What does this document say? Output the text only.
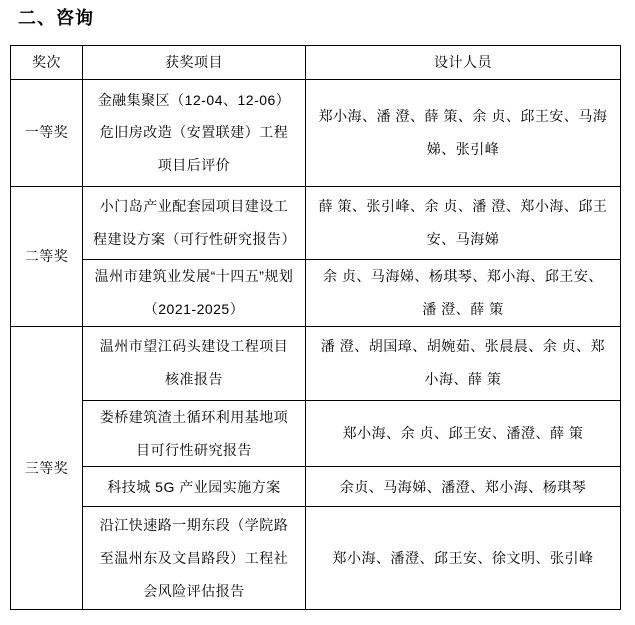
二、咨询
奖次	获奖项目	设计人员
一等奖	金融集聚区（12-04、12-06）危旧房改造（安置联建）工程项目后评价	郑小海、潘 澄、薛 策、余 贞、邱王安、马海娣、张引峰
二等奖	小门岛产业配套园项目建设工程建设方案（可行性研究报告）	薛 策、张引峰、余 贞、潘 澄、郑小海、邱王安、马海娣
	温州市建筑业发展“十四五”规划（2021-2025）	余 贞、马海娣、杨琪琴、郑小海、邱王安、潘 澄、薛 策
三等奖	温州市望江码头建设工程项目核准报告	潘 澄、胡国璋、胡婉茹、张晨晨、余 贞、郑小海、薛 策
	娄桥建筑渣土循环利用基地项目可行性研究报告	郑小海、余 贞、邱王安、潘澄、薛 策
	科技城 5G 产业园实施方案	余贞、马海娣、潘澄、郑小海、杨琪琴
	沿江快速路一期东段（学院路至温州东及文昌路段）工程社会风险评估报告	郑小海、潘澄、邱王安、徐文明、张引峰
